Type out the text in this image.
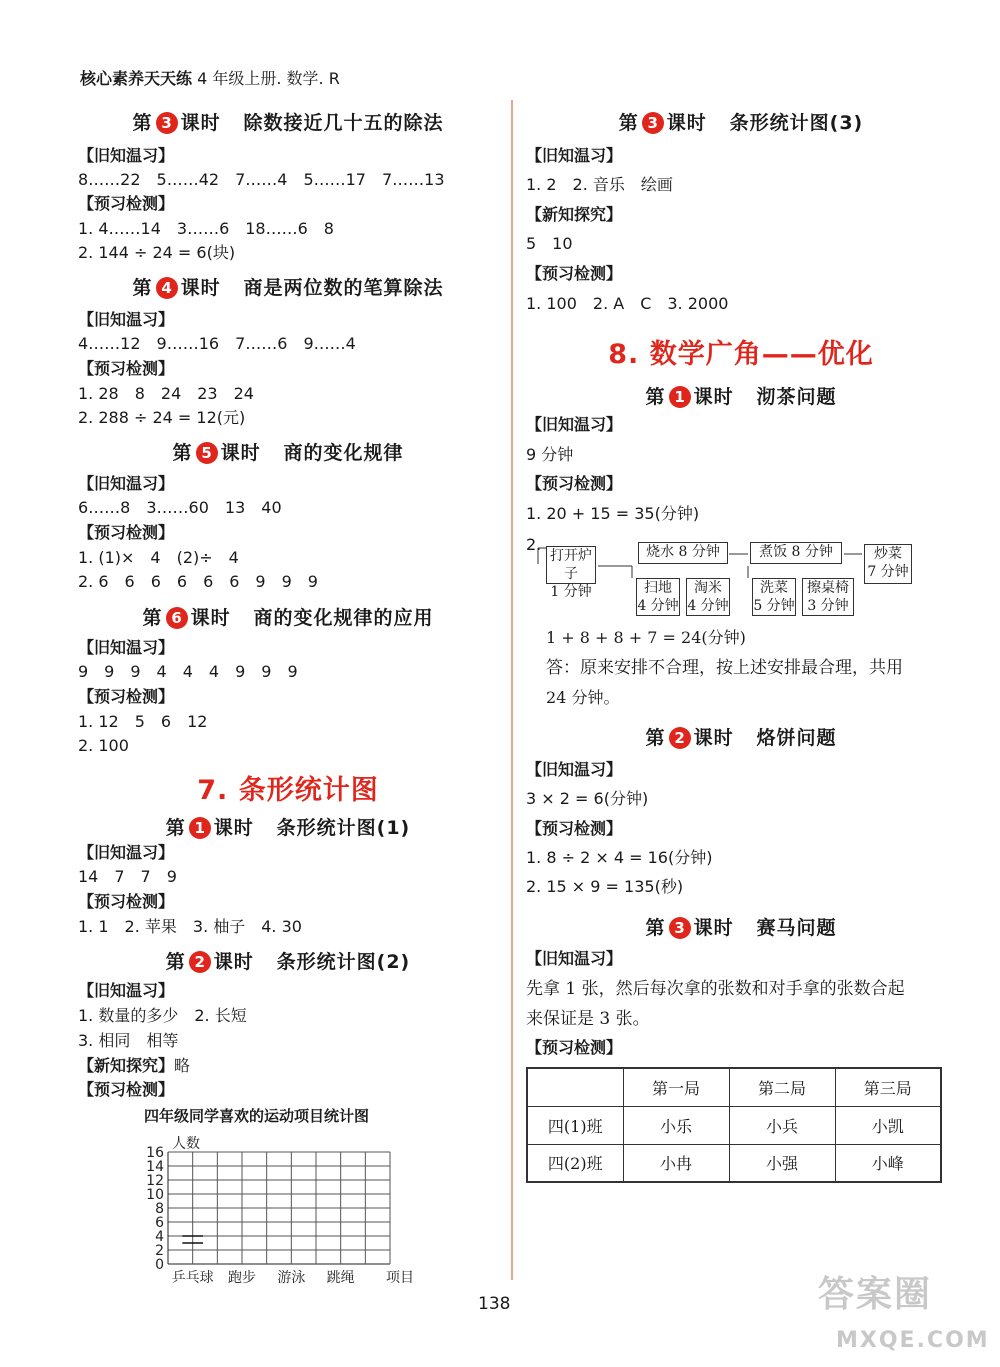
核心素养天天练 4 年级上册. 数学. R
第 3 课时 除数接近几十五的除法
【旧知温习】
8……22　5……42　7……4　5……17　7……13
【预习检测】
1. 4……14　3……6　18……6　8
2. 144 ÷ 24 = 6(块)
第 4 课时 商是两位数的笔算除法
【旧知温习】
4……12　9……16　7……6　9……4
【预习检测】
1. 28　8　24　23　24
2. 288 ÷ 24 = 12(元)
第 5 课时 商的变化规律
【旧知温习】
6……8　3……60　13　40
【预习检测】
1. (1)×　4　(2)÷　4
2. 6　6　6　6　6　6　9　9　9
第 6 课时 商的变化规律的应用
【旧知温习】
9　9　9　4　4　4　9　9　9
【预习检测】
1. 12　5　6　12
2. 100
7. 条形统计图
第 1 课时 条形统计图(1)
【旧知温习】
14　7　7　9
【预习检测】
1. 1　2. 苹果　3. 柚子　4. 30
第 2 课时 条形统计图(2)
【旧知温习】
1. 数量的多少　2. 长短
3. 相同　相等
【新知探究】略
【预习检测】
四年级同学喜欢的运动项目统计图
0
2
4
6
8
10
12
14
16
人数
乒乓球 跑步 游泳 跳绳 项目
第 3 课时 条形统计图(3)
【旧知温习】
1. 2　2. 音乐　绘画
【新知探究】
5　10
【预习检测】
1. 100　2. A　C　3. 2000
8. 数学广角——优化
第 1 课时 沏茶问题
【旧知温习】
9 分钟
【预习检测】
1. 20 + 15 = 35(分钟)
2.
打开炉子
1 分钟
烧水 8 分钟
扫地
4 分钟
淘米
4 分钟
煮饭 8 分钟
洗菜
5 分钟
擦桌椅
3 分钟
炒菜
7 分钟
1 + 8 + 8 + 7 = 24(分钟)
答：原来安排不合理，按上述安排最合理，共用
24 分钟。
第 2 课时 烙饼问题
【旧知温习】
3 × 2 = 6(分钟)
【预习检测】
1. 8 ÷ 2 × 4 = 16(分钟)
2. 15 × 9 = 135(秒)
第 3 课时 赛马问题
【旧知温习】
先拿 1 张，然后每次拿的张数和对手拿的张数合起
来保证是 3 张。
【预习检测】
	第一局	第二局	第三局
四(1)班	小乐	小兵	小凯
四(2)班	小冉	小强	小峰
138	答案圈
MXQE.COM
